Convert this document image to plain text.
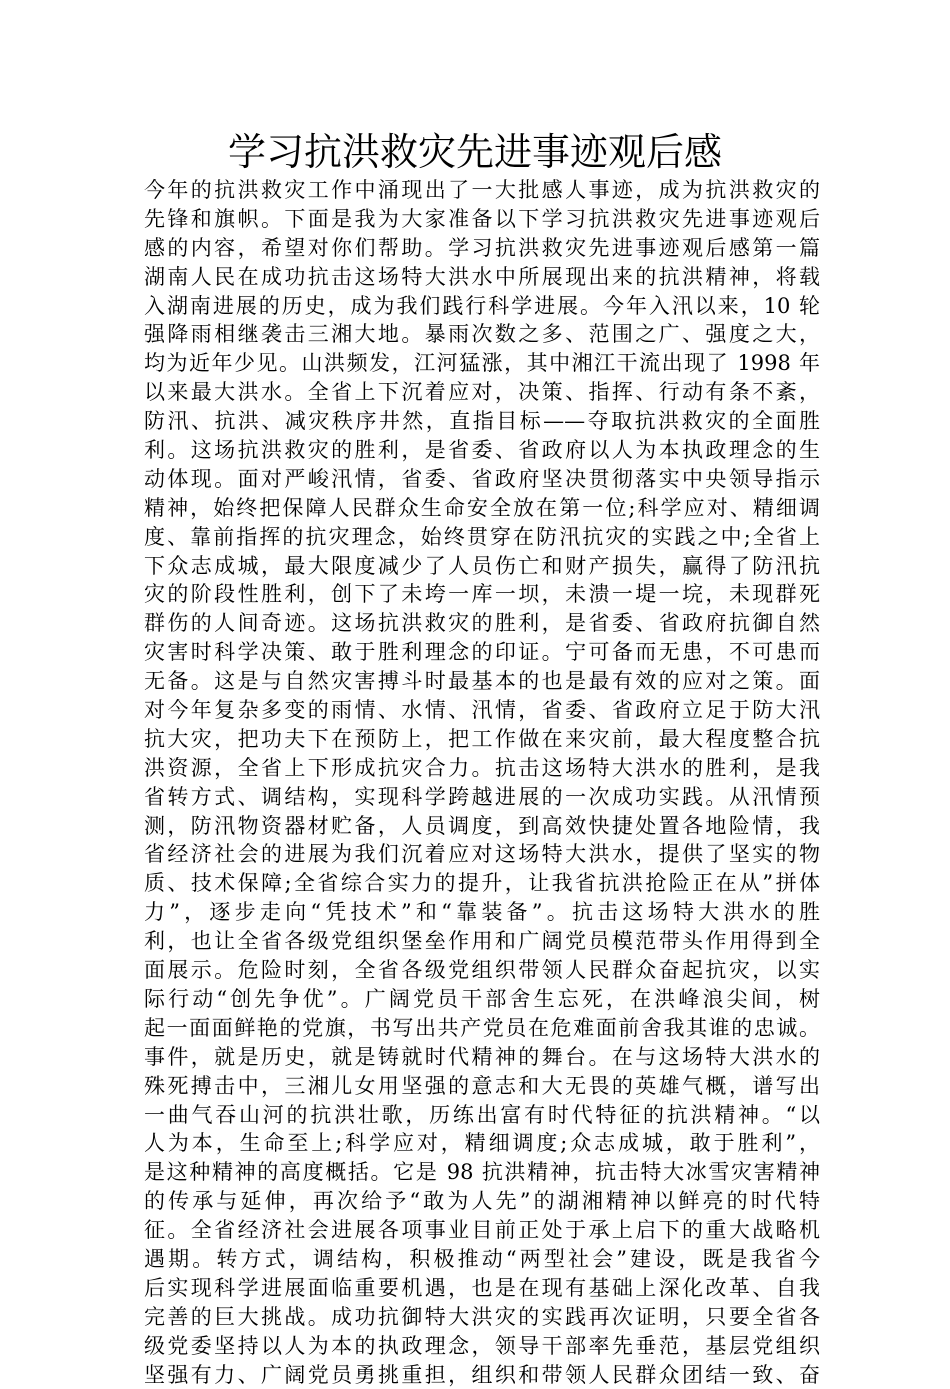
学习抗洪救灾先进事迹观后感
今年的抗洪救灾工作中涌现出了一大批感人事迹，成为抗洪救灾的
先锋和旗帜。下面是我为大家准备以下学习抗洪救灾先进事迹观后
感的内容，希望对你们帮助。学习抗洪救灾先进事迹观后感第一篇
湖南人民在成功抗击这场特大洪水中所展现出来的抗洪精神，将载
入湖南进展的历史，成为我们践行科学进展。今年入汛以来，10 轮
强降雨相继袭击三湘大地。暴雨次数之多、范围之广、强度之大，
均为近年少见。山洪频发，江河猛涨，其中湘江干流出现了 1998 年
以来最大洪水。全省上下沉着应对，决策、指挥、行动有条不紊，
防汛、抗洪、减灾秩序井然，直指目标——夺取抗洪救灾的全面胜
利。这场抗洪救灾的胜利，是省委、省政府以人为本执政理念的生
动体现。面对严峻汛情，省委、省政府坚决贯彻落实中央领导指示
精神，始终把保障人民群众生命安全放在第一位;科学应对、精细调
度、靠前指挥的抗灾理念，始终贯穿在防汛抗灾的实践之中;全省上
下众志成城，最大限度减少了人员伤亡和财产损失，赢得了防汛抗
灾的阶段性胜利，创下了未垮一库一坝，未溃一堤一垸，未现群死
群伤的人间奇迹。这场抗洪救灾的胜利，是省委、省政府抗御自然
灾害时科学决策、敢于胜利理念的印证。宁可备而无患，不可患而
无备。这是与自然灾害搏斗时最基本的也是最有效的应对之策。面
对今年复杂多变的雨情、水情、汛情，省委、省政府立足于防大汛
抗大灾，把功夫下在预防上，把工作做在来灾前，最大程度整合抗
洪资源，全省上下形成抗灾合力。抗击这场特大洪水的胜利，是我
省转方式、调结构，实现科学跨越进展的一次成功实践。从汛情预
测，防汛物资器材贮备，人员调度，到高效快捷处置各地险情，我
省经济社会的进展为我们沉着应对这场特大洪水，提供了坚实的物
质、技术保障;全省综合实力的提升，让我省抗洪抢险正在从”拼体
力”，逐步走向“凭技术”和“靠装备”。抗击这场特大洪水的胜
利，也让全省各级党组织堡垒作用和广阔党员模范带头作用得到全
面展示。危险时刻，全省各级党组织带领人民群众奋起抗灾，以实
际行动“创先争优”。广阔党员干部舍生忘死，在洪峰浪尖间，树
起一面面鲜艳的党旗，书写出共产党员在危难面前舍我其谁的忠诚。
事件，就是历史，就是铸就时代精神的舞台。在与这场特大洪水的
殊死搏击中，三湘儿女用坚强的意志和大无畏的英雄气概，谱写出
一曲气吞山河的抗洪壮歌，历练出富有时代特征的抗洪精神。“以
人为本，生命至上;科学应对，精细调度;众志成城，敢于胜利”，
是这种精神的高度概括。它是 98 抗洪精神，抗击特大冰雪灾害精神
的传承与延伸，再次给予“敢为人先”的湖湘精神以鲜亮的时代特
征。全省经济社会进展各项事业目前正处于承上启下的重大战略机
遇期。转方式，调结构，积极推动“两型社会”建设，既是我省今
后实现科学进展面临重要机遇，也是在现有基础上深化改革、自我
完善的巨大挑战。成功抗御特大洪灾的实践再次证明，只要全省各
级党委坚持以人为本的执政理念，领导干部率先垂范，基层党组织
坚强有力、广阔党员勇挑重担，组织和带领人民群众团结一致、奋
